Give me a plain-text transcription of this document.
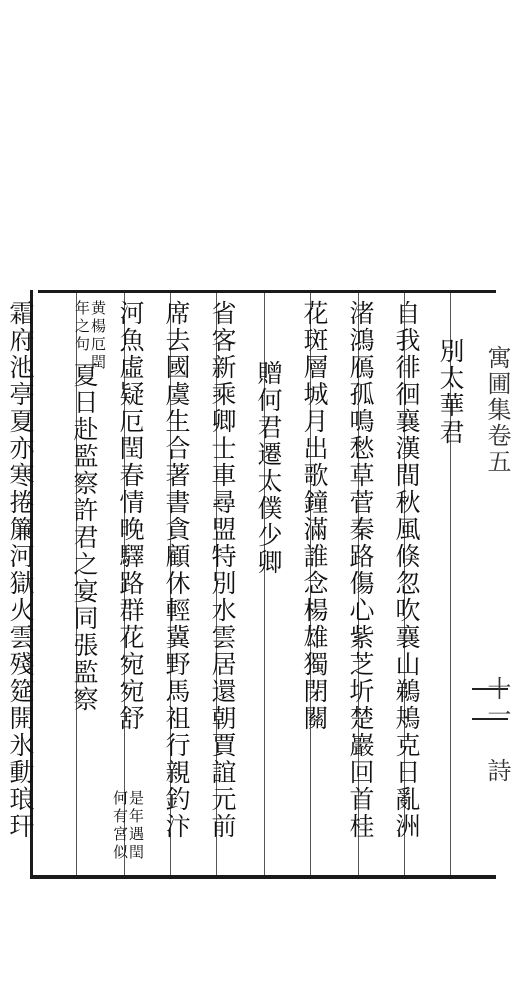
寓圃集卷五
十一 詩
別太華君
自我徘徊襄漢間秋風倏忽吹襄山鵜鴂克日亂洲
渚鴻鴈孤鳴愁草菅秦路傷心紫芝圻楚巖回首桂
花斑層城月出歌鐘滿誰念楊雄獨閉關
贈何君遷太僕少卿
省客新乘卿士車尋盟特別水雲居還朝賈誼元前
席去國虞生合著書貪顧休輕冀野馬祖行親釣汴
河魚虛疑厄閏春情晚驛路群花宛宛舒
是年遇閏
何有宮似
黄楊厄閏
年之句
夏日赴監察許君之宴同張監察
霜府池亭夏亦寒捲簾河獄火雲殘筵開氷動琅玕
